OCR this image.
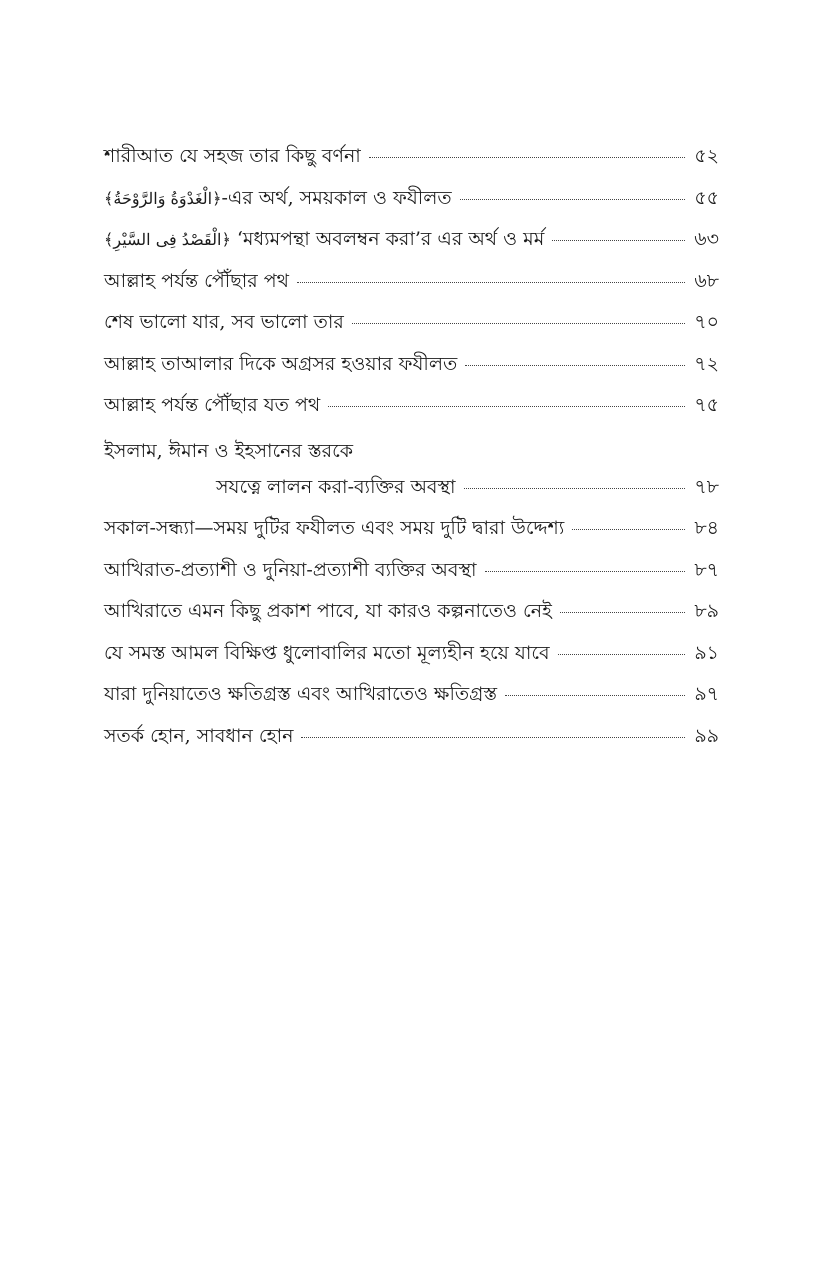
শারীআত যে সহজ তার কিছু বর্ণনা	৫২
﴿الْغَدْوَةُ وَالرَّوْحَةُ﴾-এর অর্থ, সময়কাল ও ফযীলত	৫৫
﴿الْقَصْدُ فِى السَّيْرِ﴾ ‘মধ্যমপন্থা অবলম্বন করা’র এর অর্থ ও মর্ম	৬৩
আল্লাহ পর্যন্ত পৌঁছার পথ	৬৮
শেষ ভালো যার, সব ভালো তার	৭০
আল্লাহ তাআলার দিকে অগ্রসর হওয়ার ফযীলত	৭২
আল্লাহ পর্যন্ত পৌঁছার যত পথ	৭৫
ইসলাম, ঈমান ও ইহসানের স্তরকে
সযত্নে লালন করা-ব্যক্তির অবস্থা	৭৮
সকাল-সন্ধ্যা—সময় দুটির ফযীলত এবং সময় দুটি দ্বারা উদ্দেশ্য	৮৪
আখিরাত-প্রত্যাশী ও দুনিয়া-প্রত্যাশী ব্যক্তির অবস্থা	৮৭
আখিরাতে এমন কিছু প্রকাশ পাবে, যা কারও কল্পনাতেও নেই	৮৯
যে সমস্ত আমল বিক্ষিপ্ত ধুলোবালির মতো মূল্যহীন হয়ে যাবে	৯১
যারা দুনিয়াতেও ক্ষতিগ্রস্ত এবং আখিরাতেও ক্ষতিগ্রস্ত	৯৭
সতর্ক হোন, সাবধান হোন	৯৯
